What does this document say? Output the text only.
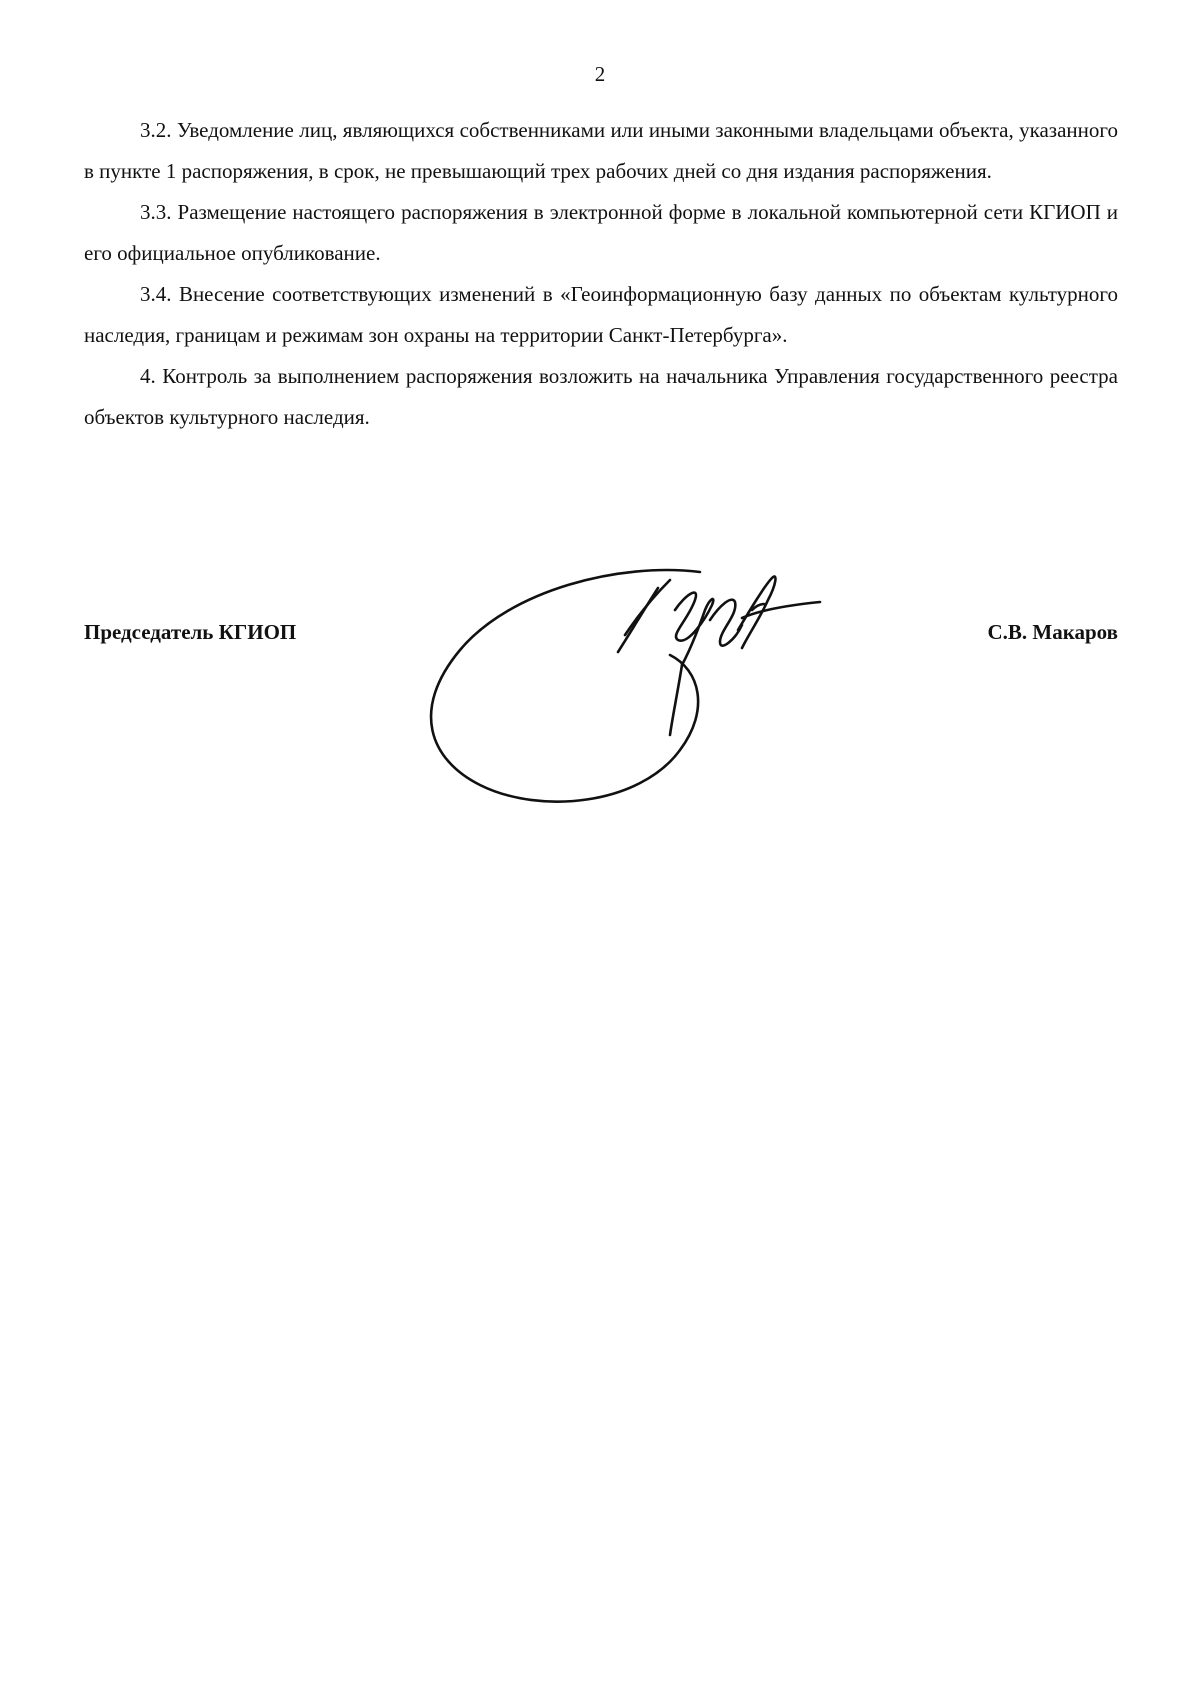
2

3.2. Уведомление лиц, являющихся собственниками или иными законными владельцами объекта, указанного в пункте 1 распоряжения, в срок, не превышающий трех рабочих дней со дня издания распоряжения.

3.3. Размещение настоящего распоряжения в электронной форме в локальной компьютерной сети КГИОП и его официальное опубликование.

3.4. Внесение соответствующих изменений в «Геоинформационную базу данных по объектам культурного наследия, границам и режимам зон охраны на территории Санкт-Петербурга».

4. Контроль за выполнением распоряжения возложить на начальника Управления государственного реестра объектов культурного наследия.

Председатель КГИОП	С.В. Макаров
